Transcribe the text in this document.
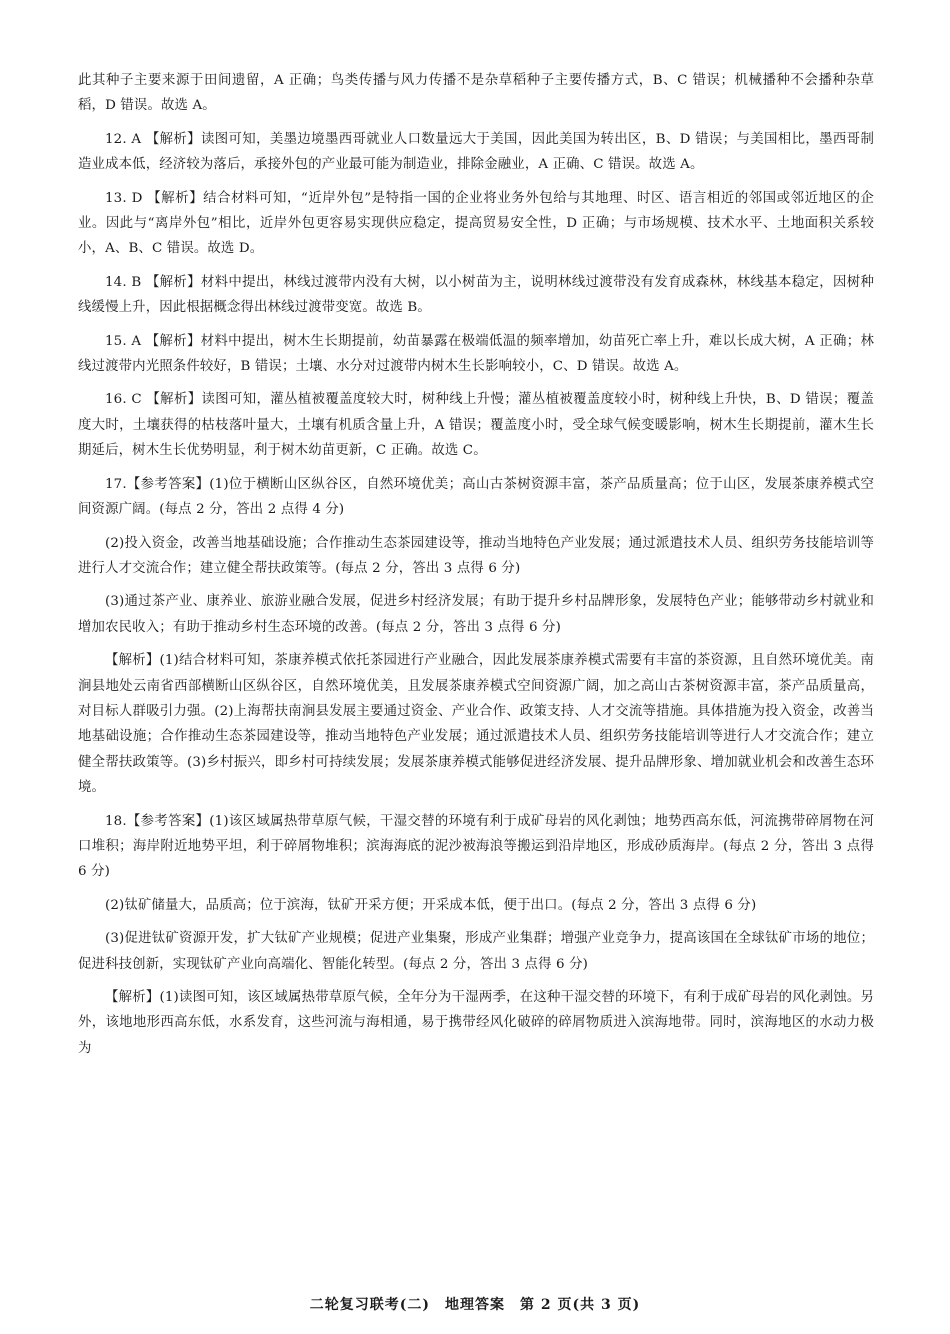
此其种子主要来源于田间遗留，A 正确；鸟类传播与风力传播不是杂草稻种子主要传播方式，B、C 错误；机械播种不会播种杂草稻，D 错误。故选 A。

12. A 【解析】读图可知，美墨边境墨西哥就业人口数量远大于美国，因此美国为转出区，B、D 错误；与美国相比，墨西哥制造业成本低，经济较为落后，承接外包的产业最可能为制造业，排除金融业，A 正确、C 错误。故选 A。

13. D 【解析】结合材料可知，“近岸外包”是特指一国的企业将业务外包给与其地理、时区、语言相近的邻国或邻近地区的企业。因此与“离岸外包”相比，近岸外包更容易实现供应稳定，提高贸易安全性，D 正确；与市场规模、技术水平、土地面积关系较小，A、B、C 错误。故选 D。

14. B 【解析】材料中提出，林线过渡带内没有大树，以小树苗为主，说明林线过渡带没有发育成森林，林线基本稳定，因树种线缓慢上升，因此根据概念得出林线过渡带变宽。故选 B。

15. A 【解析】材料中提出，树木生长期提前，幼苗暴露在极端低温的频率增加，幼苗死亡率上升，难以长成大树，A 正确；林线过渡带内光照条件较好，B 错误；土壤、水分对过渡带内树木生长影响较小，C、D 错误。故选 A。

16. C 【解析】读图可知，灌丛植被覆盖度较大时，树种线上升慢；灌丛植被覆盖度较小时，树种线上升快，B、D 错误；覆盖度大时，土壤获得的枯枝落叶量大，土壤有机质含量上升，A 错误；覆盖度小时，受全球气候变暖影响，树木生长期提前，灌木生长期延后，树木生长优势明显，利于树木幼苗更新，C 正确。故选 C。

17.【参考答案】(1)位于横断山区纵谷区，自然环境优美；高山古茶树资源丰富，茶产品质量高；位于山区，发展茶康养模式空间资源广阔。(每点 2 分，答出 2 点得 4 分)

(2)投入资金，改善当地基础设施；合作推动生态茶园建设等，推动当地特色产业发展；通过派遣技术人员、组织劳务技能培训等进行人才交流合作；建立健全帮扶政策等。(每点 2 分，答出 3 点得 6 分)

(3)通过茶产业、康养业、旅游业融合发展，促进乡村经济发展；有助于提升乡村品牌形象，发展特色产业；能够带动乡村就业和增加农民收入；有助于推动乡村生态环境的改善。(每点 2 分，答出 3 点得 6 分)

【解析】(1)结合材料可知，茶康养模式依托茶园进行产业融合，因此发展茶康养模式需要有丰富的茶资源，且自然环境优美。南涧县地处云南省西部横断山区纵谷区，自然环境优美，且发展茶康养模式空间资源广阔，加之高山古茶树资源丰富，茶产品质量高，对目标人群吸引力强。(2)上海帮扶南涧县发展主要通过资金、产业合作、政策支持、人才交流等措施。具体措施为投入资金，改善当地基础设施；合作推动生态茶园建设等，推动当地特色产业发展；通过派遣技术人员、组织劳务技能培训等进行人才交流合作；建立健全帮扶政策等。(3)乡村振兴，即乡村可持续发展；发展茶康养模式能够促进经济发展、提升品牌形象、增加就业机会和改善生态环境。

18.【参考答案】(1)该区域属热带草原气候，干湿交替的环境有利于成矿母岩的风化剥蚀；地势西高东低，河流携带碎屑物在河口堆积；海岸附近地势平坦，利于碎屑物堆积；滨海海底的泥沙被海浪等搬运到沿岸地区，形成砂质海岸。(每点 2 分，答出 3 点得 6 分)

(2)钛矿储量大，品质高；位于滨海，钛矿开采方便；开采成本低，便于出口。(每点 2 分，答出 3 点得 6 分)

(3)促进钛矿资源开发，扩大钛矿产业规模；促进产业集聚，形成产业集群；增强产业竞争力，提高该国在全球钛矿市场的地位；促进科技创新，实现钛矿产业向高端化、智能化转型。(每点 2 分，答出 3 点得 6 分)

【解析】(1)读图可知，该区域属热带草原气候，全年分为干湿两季，在这种干湿交替的环境下，有利于成矿母岩的风化剥蚀。另外，该地地形西高东低，水系发育，这些河流与海相通，易于携带经风化破碎的碎屑物质进入滨海地带。同时，滨海地区的水动力极为

二轮复习联考(二)　地理答案　第 2 页(共 3 页)
